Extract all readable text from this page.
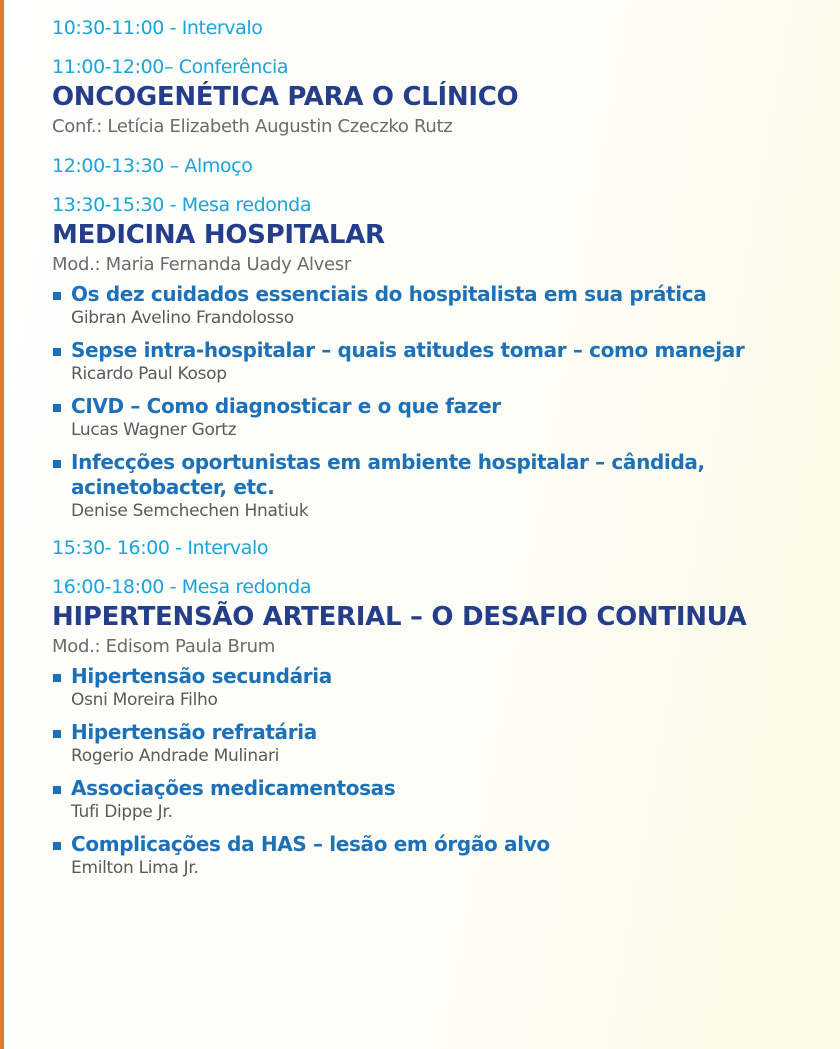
10:30-11:00 - Intervalo
11:00-12:00– Conferência
ONCOGENÉTICA PARA O CLÍNICO
Conf.: Letícia Elizabeth Augustin Czeczko Rutz
12:00-13:30 – Almoço
13:30-15:30 - Mesa redonda
MEDICINA HOSPITALAR
Mod.: Maria Fernanda Uady Alvesr
Os dez cuidados essenciais do hospitalista em sua prática
Gibran Avelino Frandolosso
Sepse intra-hospitalar – quais atitudes tomar – como manejar
Ricardo Paul Kosop
CIVD – Como diagnosticar e o que fazer
Lucas Wagner Gortz
Infecções oportunistas em ambiente hospitalar – cândida, acinetobacter, etc.
Denise Semchechen Hnatiuk
15:30- 16:00 - Intervalo
16:00-18:00 - Mesa redonda
HIPERTENSÃO ARTERIAL – O DESAFIO CONTINUA
Mod.: Edisom Paula Brum
Hipertensão secundária
Osni Moreira Filho
Hipertensão refratária
Rogerio Andrade Mulinari
Associações medicamentosas
Tufi Dippe Jr.
Complicações da HAS – lesão em órgão alvo
Emilton Lima Jr.
